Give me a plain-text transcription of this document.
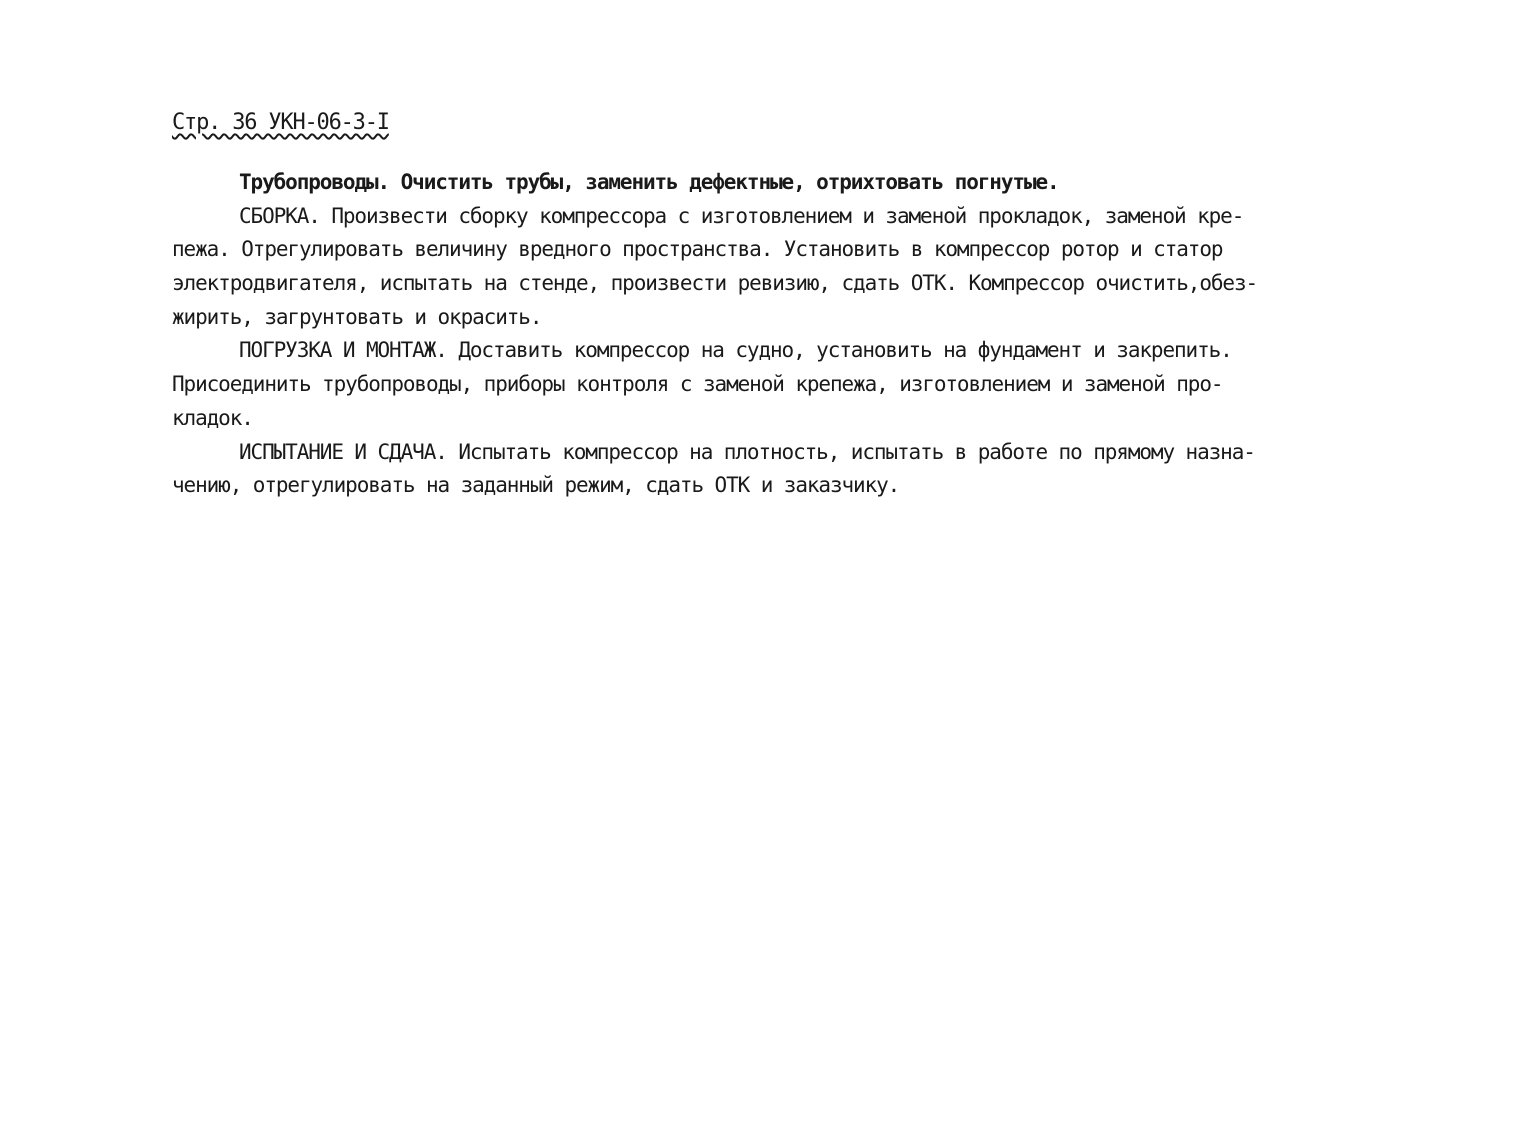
Стр. 36 УКН-06-3-I
Трубопроводы. Очистить трубы, заменить дефектные, отрихтовать погнутые.
СБОРКА. Произвести сборку компрессора с изготовлением и заменой прокладок, заменой кре-
пежа. Отрегулировать величину вредного пространства. Установить в компрессор ротор и статор
электродвигателя, испытать на стенде, произвести ревизию, сдать ОТК. Компрессор очистить,обез-
жирить, загрунтовать и окрасить.
ПОГРУЗКА И МОНТАЖ. Доставить компрессор на судно, установить на фундамент и закрепить.
Присоединить трубопроводы, приборы контроля с заменой крепежа, изготовлением и заменой про-
кладок.
ИСПЫТАНИЕ И СДАЧА. Испытать компрессор на плотность, испытать в работе по прямому назна-
чению, отрегулировать на заданный режим, сдать ОТК и заказчику.
